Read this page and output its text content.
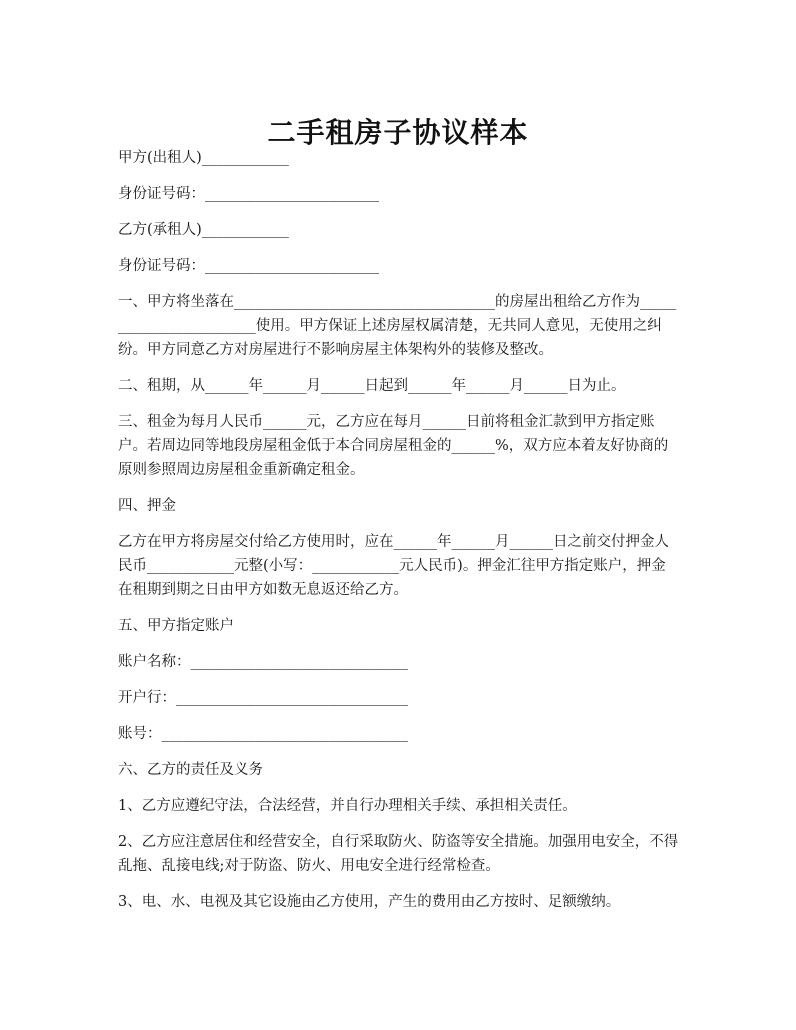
二手租房子协议样本

甲方(出租人)____________

身份证号码：________________________

乙方(承租人)____________

身份证号码：________________________

一、甲方将坐落在____________________________________的房屋出租给乙方作为________________________使用。甲方保证上述房屋权属清楚，无共同人意见，无使用之纠纷。甲方同意乙方对房屋进行不影响房屋主体架构外的装修及整改。

二、租期，从______年______月______日起到______年______月______日为止。

三、租金为每月人民币______元，乙方应在每月______日前将租金汇款到甲方指定账户。若周边同等地段房屋租金低于本合同房屋租金的______%，双方应本着友好协商的原则参照周边房屋租金重新确定租金。

四、押金

乙方在甲方将房屋交付给乙方使用时，应在______年______月______日之前交付押金人民币____________元整(小写：____________元人民币)。押金汇往甲方指定账户，押金在租期到期之日由甲方如数无息返还给乙方。

五、甲方指定账户

账户名称：______________________________

开户行：________________________________

账号：__________________________________

六、乙方的责任及义务

1、乙方应遵纪守法，合法经营，并自行办理相关手续、承担相关责任。

2、乙方应注意居住和经营安全，自行采取防火、防盗等安全措施。加强用电安全，不得乱拖、乱接电线;对于防盗、防火、用电安全进行经常检查。

3、电、水、电视及其它设施由乙方使用，产生的费用由乙方按时、足额缴纳。
